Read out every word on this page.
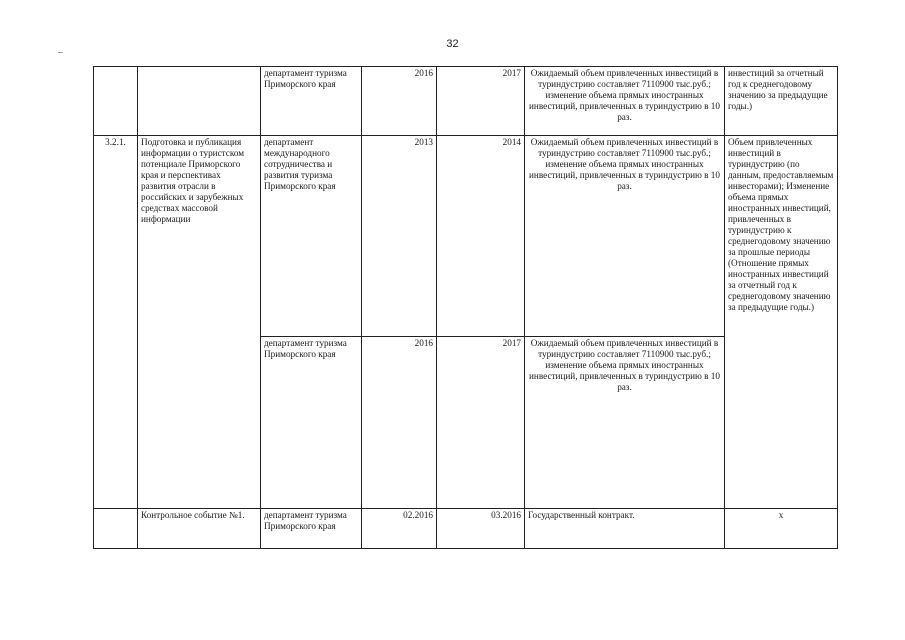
32
		департамент туризма Приморского края	2016	2017	Ожидаемый объем привлеченных инвестиций в туриндустрию составляет 7110900 тыс.руб.; изменение объема прямых иностранных инвестиций, привлеченных в туриндустрию в 10 раз.	инвестиций за отчетный год к среднегодовому значению за предыдущие годы.)
3.2.1.	Подготовка и публикация информации о туристском потенциале Приморского края и перспективах развития отрасли в российских и зарубежных средствах массовой информации	департамент международного сотрудничества и развития туризма Приморского края	2013	2014	Ожидаемый объем привлеченных инвестиций в туриндустрию составляет 7110900 тыс.руб.; изменение объема прямых иностранных инвестиций, привлеченных в туриндустрию в 10 раз.	Объем привлеченных инвестиций в туриндустрию (по данным, предоставляемым инвесторами); Изменение объема прямых иностранных инвестиций, привлеченных в туриндустрию к среднегодовому значению за прошлые периоды (Отношение прямых иностранных инвестиций за отчетный год к среднегодовому значению за предыдущие годы.)
		департамент туризма Приморского края	2016	2017	Ожидаемый объем привлеченных инвестиций в туриндустрию составляет 7110900 тыс.руб.; изменение объема прямых иностранных инвестиций, привлеченных в туриндустрию в 10 раз.	
	Контрольное событие №1.	департамент туризма Приморского края	02.2016	03.2016	Государственный контракт.	х
